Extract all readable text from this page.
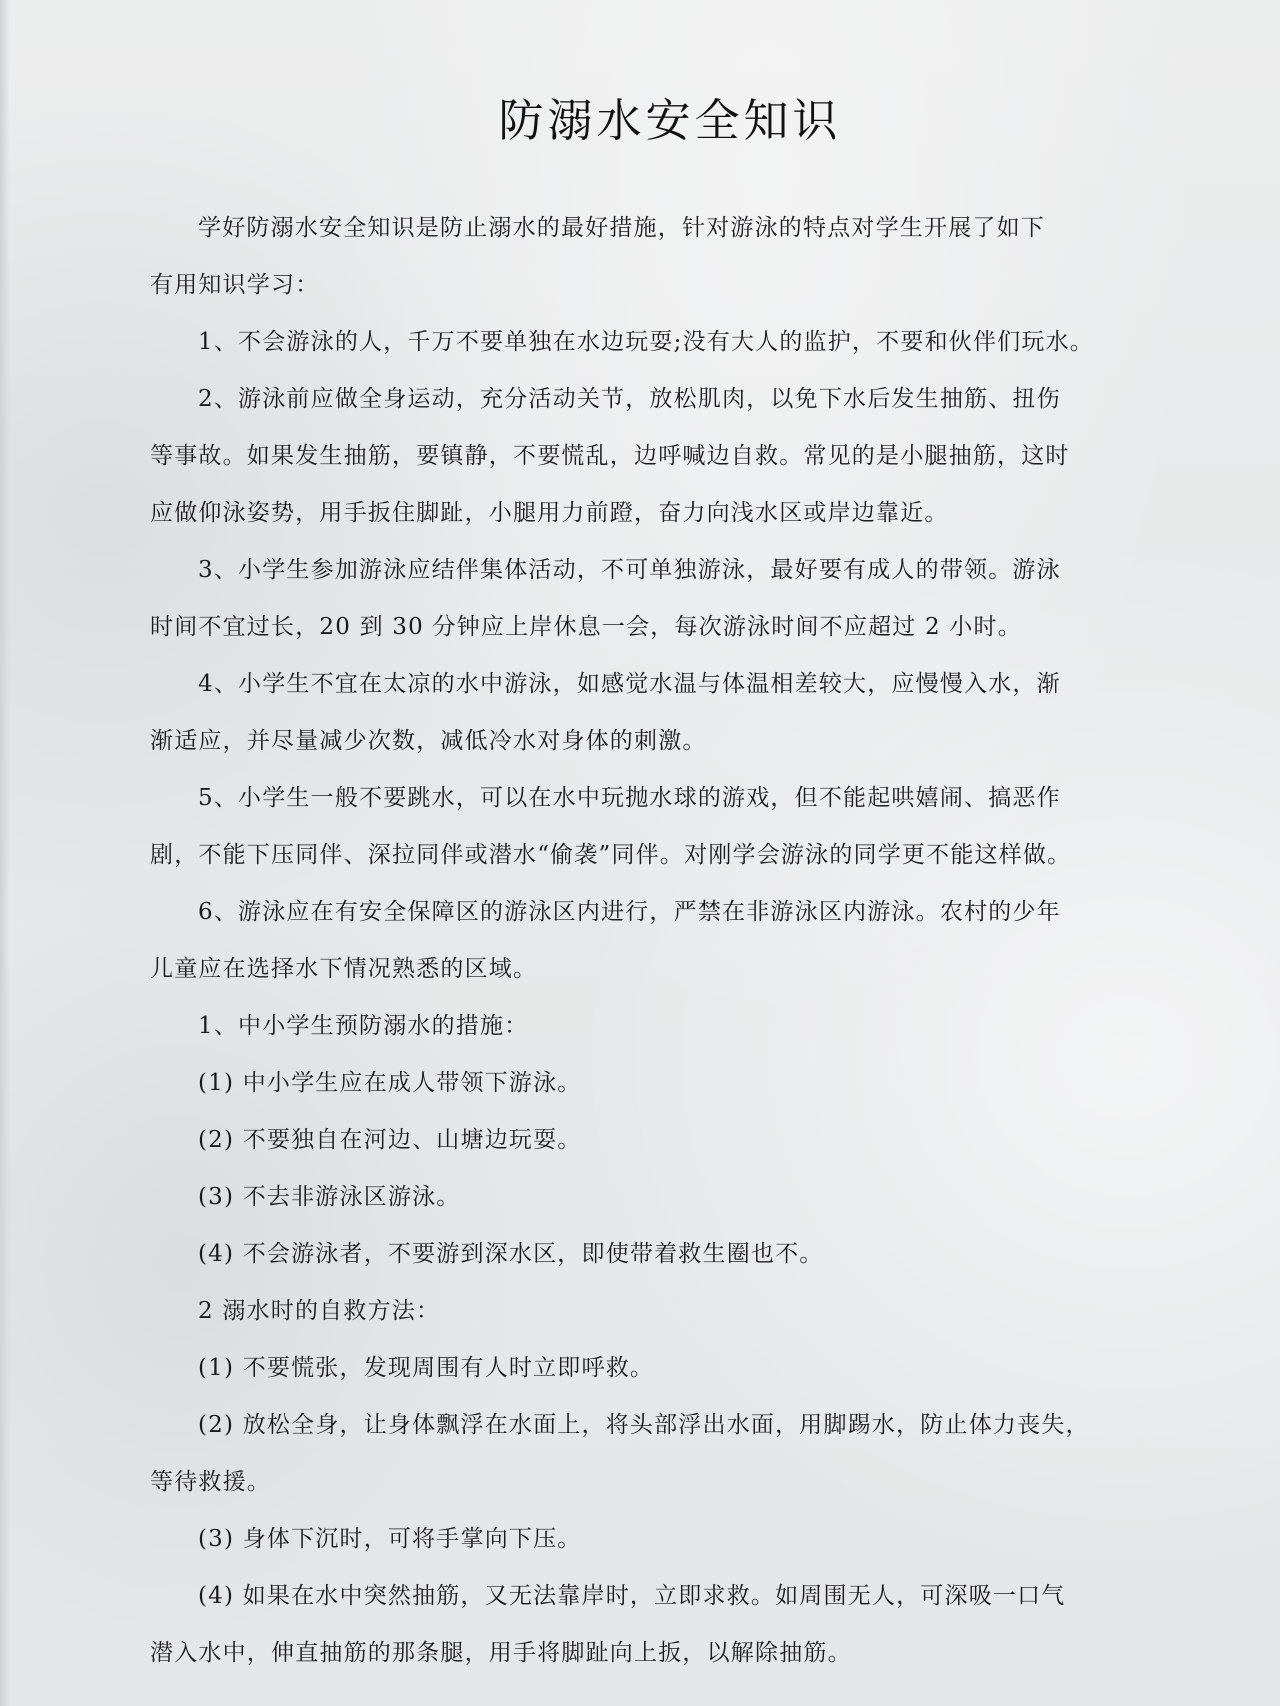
防溺水安全知识
学好防溺水安全知识是防止溺水的最好措施，针对游泳的特点对学生开展了如下
有用知识学习：
1、不会游泳的人，千万不要单独在水边玩耍;没有大人的监护，不要和伙伴们玩水。
2、游泳前应做全身运动，充分活动关节，放松肌肉，以免下水后发生抽筋、扭伤
等事故。如果发生抽筋，要镇静，不要慌乱，边呼喊边自救。常见的是小腿抽筋，这时
应做仰泳姿势，用手扳住脚趾，小腿用力前蹬，奋力向浅水区或岸边靠近。
3、小学生参加游泳应结伴集体活动，不可单独游泳，最好要有成人的带领。游泳
时间不宜过长，20 到 30 分钟应上岸休息一会，每次游泳时间不应超过 2 小时。
4、小学生不宜在太凉的水中游泳，如感觉水温与体温相差较大，应慢慢入水，渐
渐适应，并尽量减少次数，减低冷水对身体的刺激。
5、小学生一般不要跳水，可以在水中玩抛水球的游戏，但不能起哄嬉闹、搞恶作
剧，不能下压同伴、深拉同伴或潜水“偷袭”同伴。对刚学会游泳的同学更不能这样做。
6、游泳应在有安全保障区的游泳区内进行，严禁在非游泳区内游泳。农村的少年
儿童应在选择水下情况熟悉的区域。
1、中小学生预防溺水的措施：
(1) 中小学生应在成人带领下游泳。
(2) 不要独自在河边、山塘边玩耍。
(3) 不去非游泳区游泳。
(4) 不会游泳者，不要游到深水区，即使带着救生圈也不。
2 溺水时的自救方法：
(1) 不要慌张，发现周围有人时立即呼救。
(2) 放松全身，让身体飘浮在水面上，将头部浮出水面，用脚踢水，防止体力丧失，
等待救援。
(3) 身体下沉时，可将手掌向下压。
(4) 如果在水中突然抽筋，又无法靠岸时，立即求救。如周围无人，可深吸一口气
潜入水中，伸直抽筋的那条腿，用手将脚趾向上扳，以解除抽筋。
